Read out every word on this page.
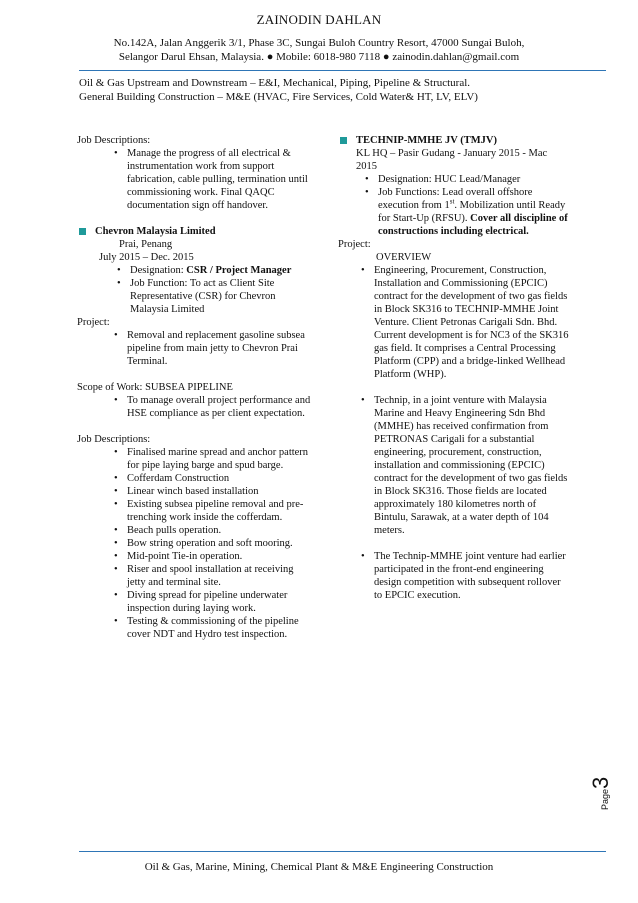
ZAINODIN DAHLAN
No.142A, Jalan Anggerik 3/1, Phase 3C, Sungai Buloh Country Resort, 47000 Sungai Buloh,
Selangor Darul Ehsan, Malaysia. ● Mobile: 6018-980 7118 ● zainodin.dahlan@gmail.com
Oil & Gas Upstream and Downstream – E&I, Mechanical, Piping, Pipeline & Structural.
General Building Construction – M&E (HVAC, Fire Services, Cold Water& HT, LV, ELV)

Job Descriptions:

• Manage the progress of all electrical & instrumentation work from support fabrication, cable pulling, termination until commissioning work. Final QAQC documentation sign off handover.
Chevron Malaysia Limited

Prai, Penang

July 2015 – Dec. 2015

• Designation: CSR / Project Manager
• Job Function: To act as Client Site Representative (CSR) for Chevron Malaysia Limited

Project:

• Removal and replacement gasoline subsea pipeline from main jetty to Chevron Prai Terminal.

Scope of Work: SUBSEA PIPELINE

• To manage overall project performance and HSE compliance as per client expectation.

Job Descriptions:

• Finalised marine spread and anchor pattern for pipe laying barge and spud barge.
• Cofferdam Construction
• Linear winch based installation
• Existing subsea pipeline removal and pre-trenching work inside the cofferdam.
• Beach pulls operation.
• Bow string operation and soft mooring.
• Mid-point Tie-in operation.
• Riser and spool installation at receiving jetty and terminal site.
• Diving spread for pipeline underwater inspection during laying work.
• Testing & commissioning of the pipeline cover NDT and Hydro test inspection.
TECHNIP-MMHE JV (TMJV)

KL HQ – Pasir Gudang - January 2015 - Mac 2015

• Designation: HUC Lead/Manager
• Job Functions: Lead overall offshore execution from 1st. Mobilization until Ready for Start-Up (RFSU). Cover all discipline of constructions including electrical.

Project:

OVERVIEW

• Engineering, Procurement, Construction, Installation and Commissioning (EPCIC) contract for the development of two gas fields in Block SK316 to TECHNIP-MMHE Joint Venture. Client Petronas Carigali Sdn. Bhd. Current development is for NC3 of the SK316 gas field. It comprises a Central Processing Platform (CPP) and a bridge-linked Wellhead Platform (WHP).
• Technip, in a joint venture with Malaysia Marine and Heavy Engineering Sdn Bhd (MMHE) has received confirmation from PETRONAS Carigali for a substantial engineering, procurement, construction, installation and commissioning (EPCIC) contract for the development of two gas fields in Block SK316. Those fields are located approximately 180 kilometres north of Bintulu, Sarawak, at a water depth of 104 meters.
• The Technip-MMHE joint venture had earlier participated in the front-end engineering design competition with subsequent rollover to EPCIC execution.
Page3
Oil & Gas, Marine, Mining, Chemical Plant & M&E Engineering Construction
